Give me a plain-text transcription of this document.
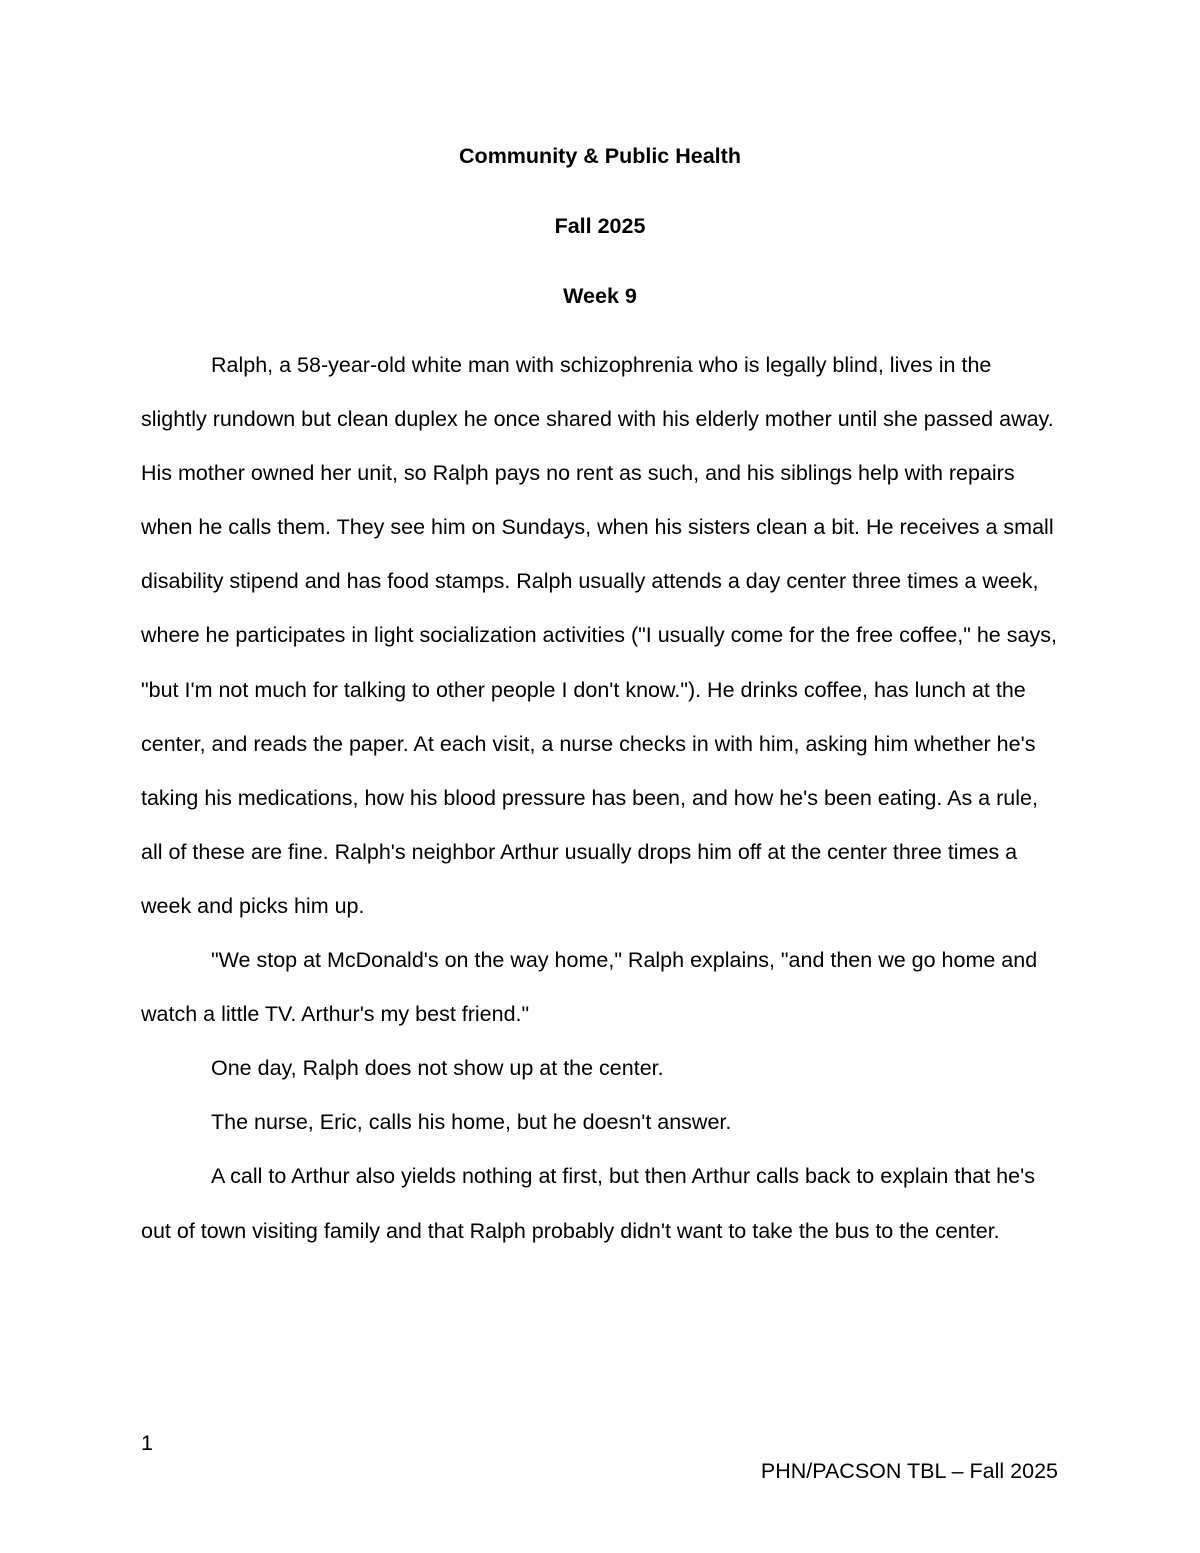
Community & Public Health
Fall 2025
Week 9

Ralph, a 58-year-old white man with schizophrenia who is legally blind, lives in the slightly rundown but clean duplex he once shared with his elderly mother until she passed away. His mother owned her unit, so Ralph pays no rent as such, and his siblings help with repairs when he calls them. They see him on Sundays, when his sisters clean a bit. He receives a small disability stipend and has food stamps. Ralph usually attends a day center three times a week, where he participates in light socialization activities ("I usually come for the free coffee," he says, "but I'm not much for talking to other people I don't know."). He drinks coffee, has lunch at the center, and reads the paper. At each visit, a nurse checks in with him, asking him whether he's taking his medications, how his blood pressure has been, and how he's been eating. As a rule, all of these are fine. Ralph's neighbor Arthur usually drops him off at the center three times a week and picks him up.

"We stop at McDonald's on the way home," Ralph explains, "and then we go home and watch a little TV. Arthur's my best friend."

One day, Ralph does not show up at the center.

The nurse, Eric, calls his home, but he doesn't answer.

A call to Arthur also yields nothing at first, but then Arthur calls back to explain that he's out of town visiting family and that Ralph probably didn't want to take the bus to the center.

1
PHN/PACSON TBL – Fall 2025
